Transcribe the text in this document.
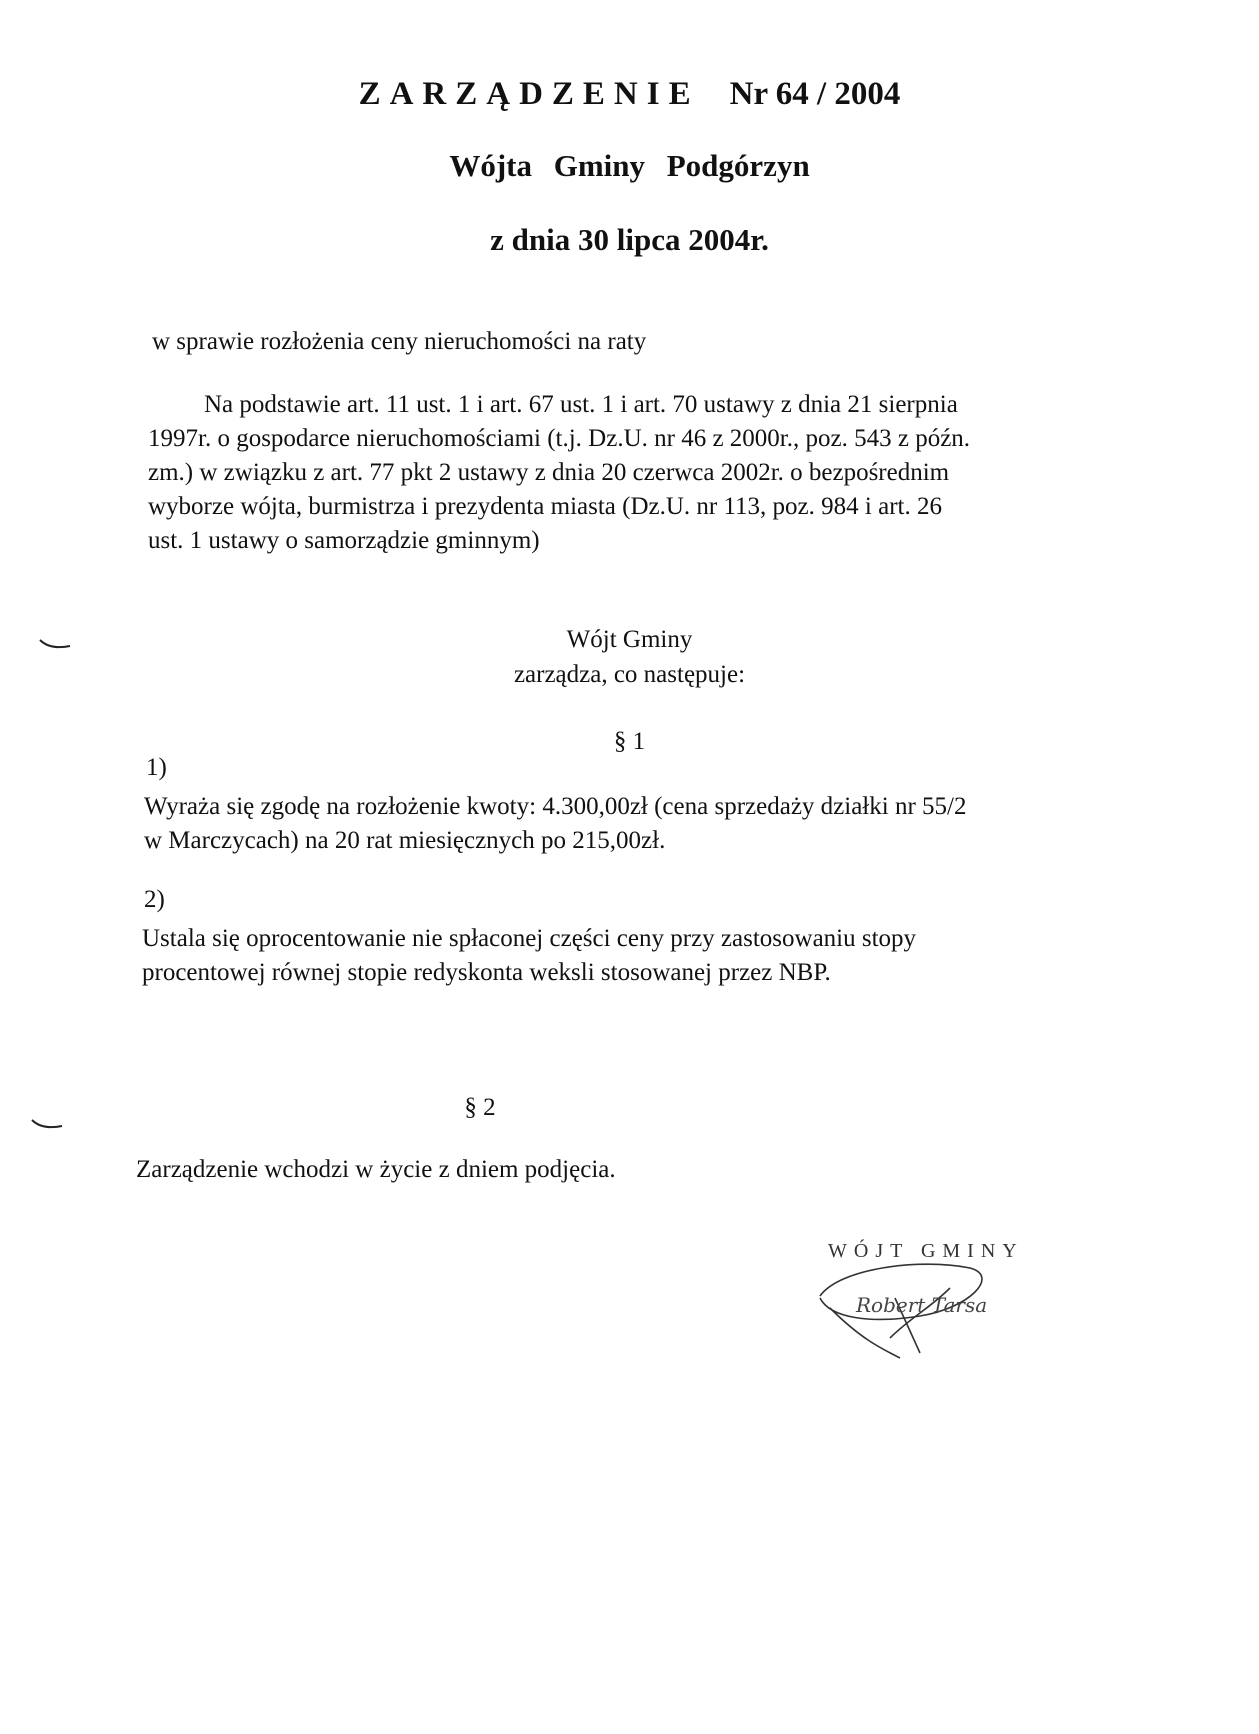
ZARZĄDZENIE Nr 64 / 2004
Wójta Gminy Podgórzyn
z dnia 30 lipca 2004r.
w sprawie rozłożenia ceny nieruchomości na raty
Na podstawie art. 11 ust. 1 i art. 67 ust. 1 i art. 70 ustawy z dnia 21 sierpnia
1997r. o gospodarce nieruchomościami (t.j. Dz.U. nr 46 z 2000r., poz. 543 z późn.
zm.) w związku z art. 77 pkt 2 ustawy z dnia 20 czerwca 2002r. o bezpośrednim
wyborze wójta, burmistrza i prezydenta miasta (Dz.U. nr 113, poz. 984 i art. 26
ust. 1 ustawy o samorządzie gminnym)
Wójt Gminy
zarządza, co następuje:
§ 1
1)
Wyraża się zgodę na rozłożenie kwoty: 4.300,00zł (cena sprzedaży działki nr 55/2
w Marczycach) na 20 rat miesięcznych po 215,00zł.
2)
Ustala się oprocentowanie nie spłaconej części ceny przy zastosowaniu stopy
procentowej równej stopie redyskonta weksli stosowanej przez NBP.
§ 2
Zarządzenie wchodzi w życie z dniem podjęcia.
WÓJT GMINY
Robert Tarsa
